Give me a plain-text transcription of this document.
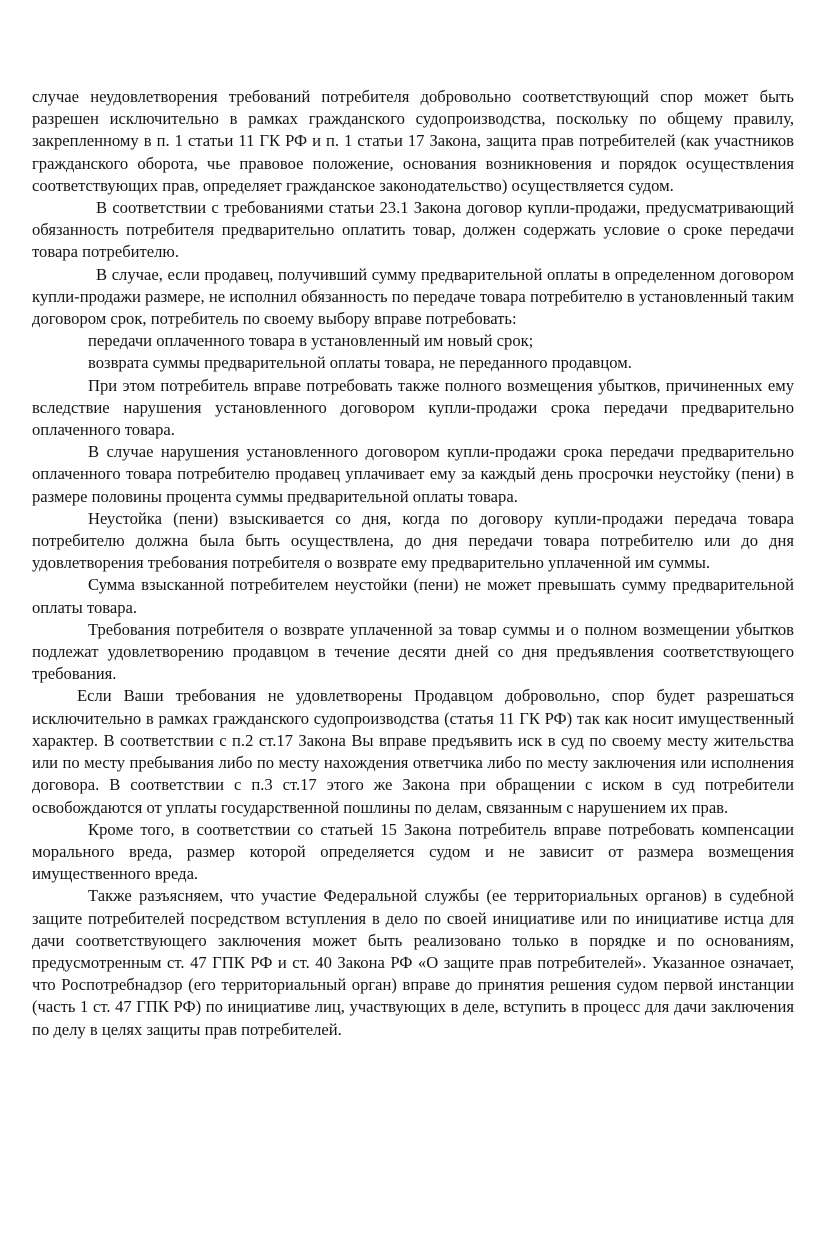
случае неудовлетворения требований потребителя добровольно соответствующий спор может быть разрешен исключительно в рамках гражданского судопроизводства, поскольку по общему правилу, закрепленному в п. 1 статьи 11 ГК РФ и п. 1 статьи 17 Закона, защита прав потребителей (как участников гражданского оборота, чье правовое положение, основания возникновения и порядок осуществления соответствующих прав, определяет гражданское законодательство) осуществляется судом.

В соответствии с требованиями статьи 23.1 Закона договор купли-продажи, предусматривающий обязанность потребителя предварительно оплатить товар, должен содержать условие о сроке передачи товара потребителю.

В случае, если продавец, получивший сумму предварительной оплаты в определенном договором купли-продажи размере, не исполнил обязанность по передаче товара потребителю в установленный таким договором срок, потребитель по своему выбору вправе потребовать:

передачи оплаченного товара в установленный им новый срок;

возврата суммы предварительной оплаты товара, не переданного продавцом.

При этом потребитель вправе потребовать также полного возмещения убытков, причиненных ему вследствие нарушения установленного договором купли-продажи срока передачи предварительно оплаченного товара.

В случае нарушения установленного договором купли-продажи срока передачи предварительно оплаченного товара потребителю продавец уплачивает ему за каждый день просрочки неустойку (пени) в размере половины процента суммы предварительной оплаты товара.

Неустойка (пени) взыскивается со дня, когда по договору купли-продажи передача товара потребителю должна была быть осуществлена, до дня передачи товара потребителю или до дня удовлетворения требования потребителя о возврате ему предварительно уплаченной им суммы.

Сумма взысканной потребителем неустойки (пени) не может превышать сумму предварительной оплаты товара.

Требования потребителя о возврате уплаченной за товар суммы и о полном возмещении убытков подлежат удовлетворению продавцом в течение десяти дней со дня предъявления соответствующего требования.

Если Ваши требования не удовлетворены Продавцом добровольно, спор будет разрешаться исключительно в рамках гражданского судопроизводства (статья 11 ГК РФ) так как носит имущественный характер. В соответствии с п.2 ст.17 Закона Вы вправе предъявить иск в суд по своему месту жительства или по месту пребывания либо по месту нахождения ответчика либо по месту заключения или исполнения договора. В соответствии с п.3 ст.17 этого же Закона при обращении с иском в суд потребители освобождаются от уплаты государственной пошлины по делам, связанным с нарушением их прав.

Кроме того, в соответствии со статьей 15 Закона потребитель вправе потребовать компенсации морального вреда, размер которой определяется судом и не зависит от размера возмещения имущественного вреда.

Также разъясняем, что участие Федеральной службы (ее территориальных органов) в судебной защите потребителей посредством вступления в дело по своей инициативе или по инициативе истца для дачи соответствующего заключения может быть реализовано только в порядке и по основаниям, предусмотренным ст. 47 ГПК РФ и ст. 40 Закона РФ «О защите прав потребителей». Указанное означает, что Роспотребнадзор (его территориальный орган) вправе до принятия решения судом первой инстанции (часть 1 ст. 47 ГПК РФ) по инициативе лиц, участвующих в деле, вступить в процесс для дачи заключения по делу в целях защиты прав потребителей.
